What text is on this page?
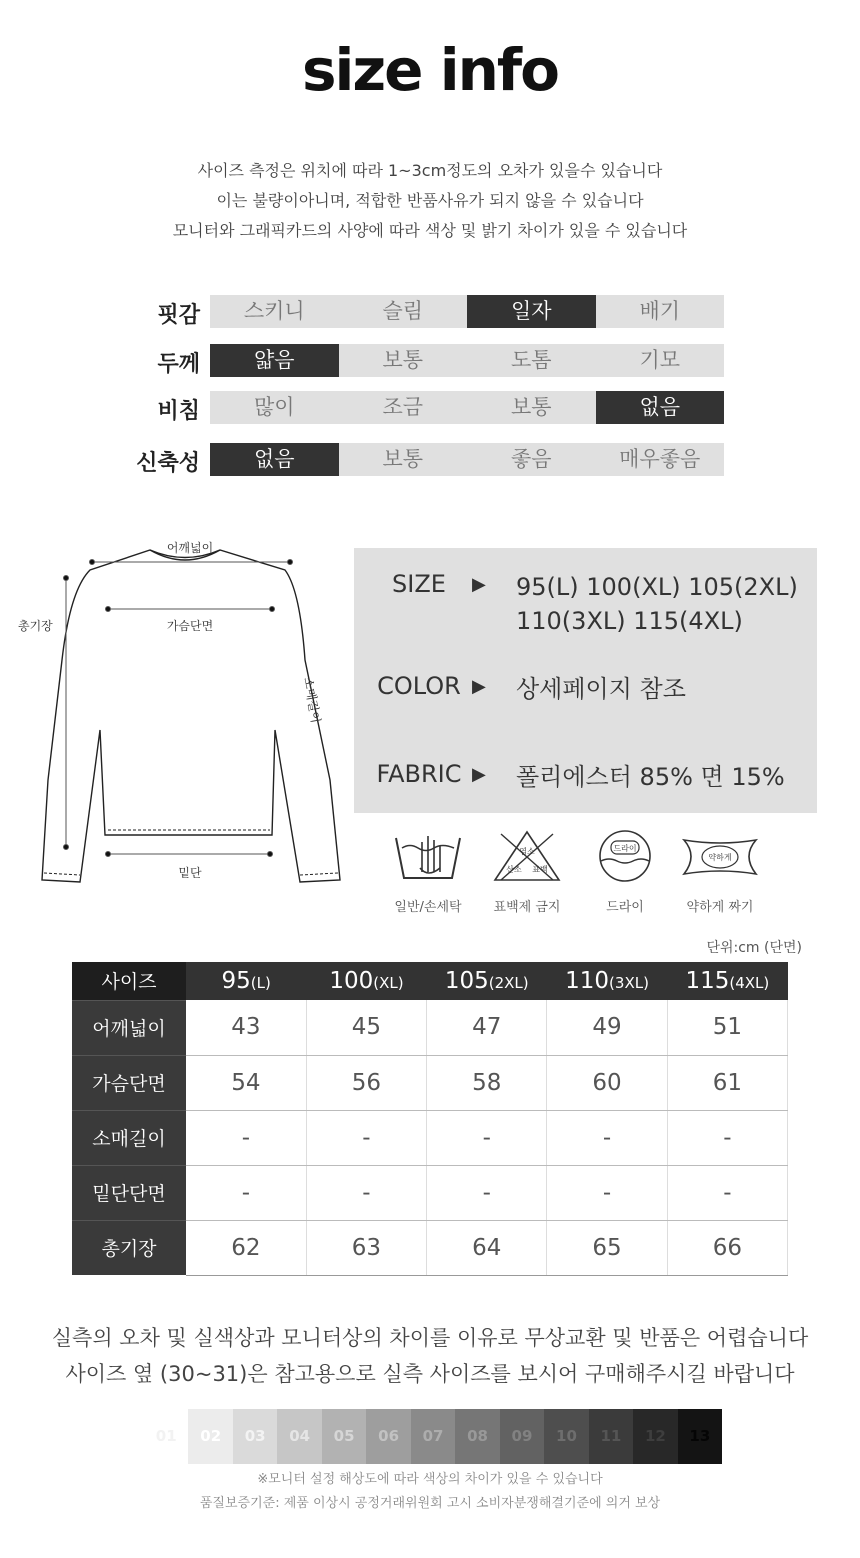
size info
사이즈 측정은 위치에 따라 1~3cm정도의 오차가 있을수 있습니다
이는 불량이아니며, 적합한 반품사유가 되지 않을 수 있습니다
모니터와 그래픽카드의 사양에 따라 색상 및 밝기 차이가 있을 수 있습니다
핏감	스키니	슬림	일자	배기
두께	얇음	보통	도톰	기모
비침	많이	조금	보통	없음
신축성	없음	보통	좋음	매우좋음
어깨넓이
가슴단면
총기장
밑단
소매길이
SIZE	▶ 95(L) 100(XL) 105(2XL)
110(3XL) 115(4XL)
COLOR ▶ 상세페이지 참조
FABRIC ▶ 폴리에스터 85% 면 15%
일반/손세탁
염소
산소 표백
표백제 금지
드라이
드라이
약하게
약하게 짜기
단위:cm (단면)
사이즈	95(L)	100(XL)	105(2XL)	110(3XL)	115(4XL)
어깨넓이	43	45	47	49	51
가슴단면	54	56	58	60	61
소매길이	-	-	-	-	-
밑단단면	-	-	-	-	-
총기장	62	63	64	65	66
실측의 오차 및 실색상과 모니터상의 차이를 이유로 무상교환 및 반품은 어렵습니다
사이즈 옆 (30~31)은 참고용으로 실측 사이즈를 보시어 구매해주시길 바랍니다
01	02	03	04	05	06	07	08	09	10	11	12	13
※모니터 설정 해상도에 따라 색상의 차이가 있을 수 있습니다
품질보증기준: 제품 이상시 공정거래위원회 고시 소비자분쟁해결기준에 의거 보상
